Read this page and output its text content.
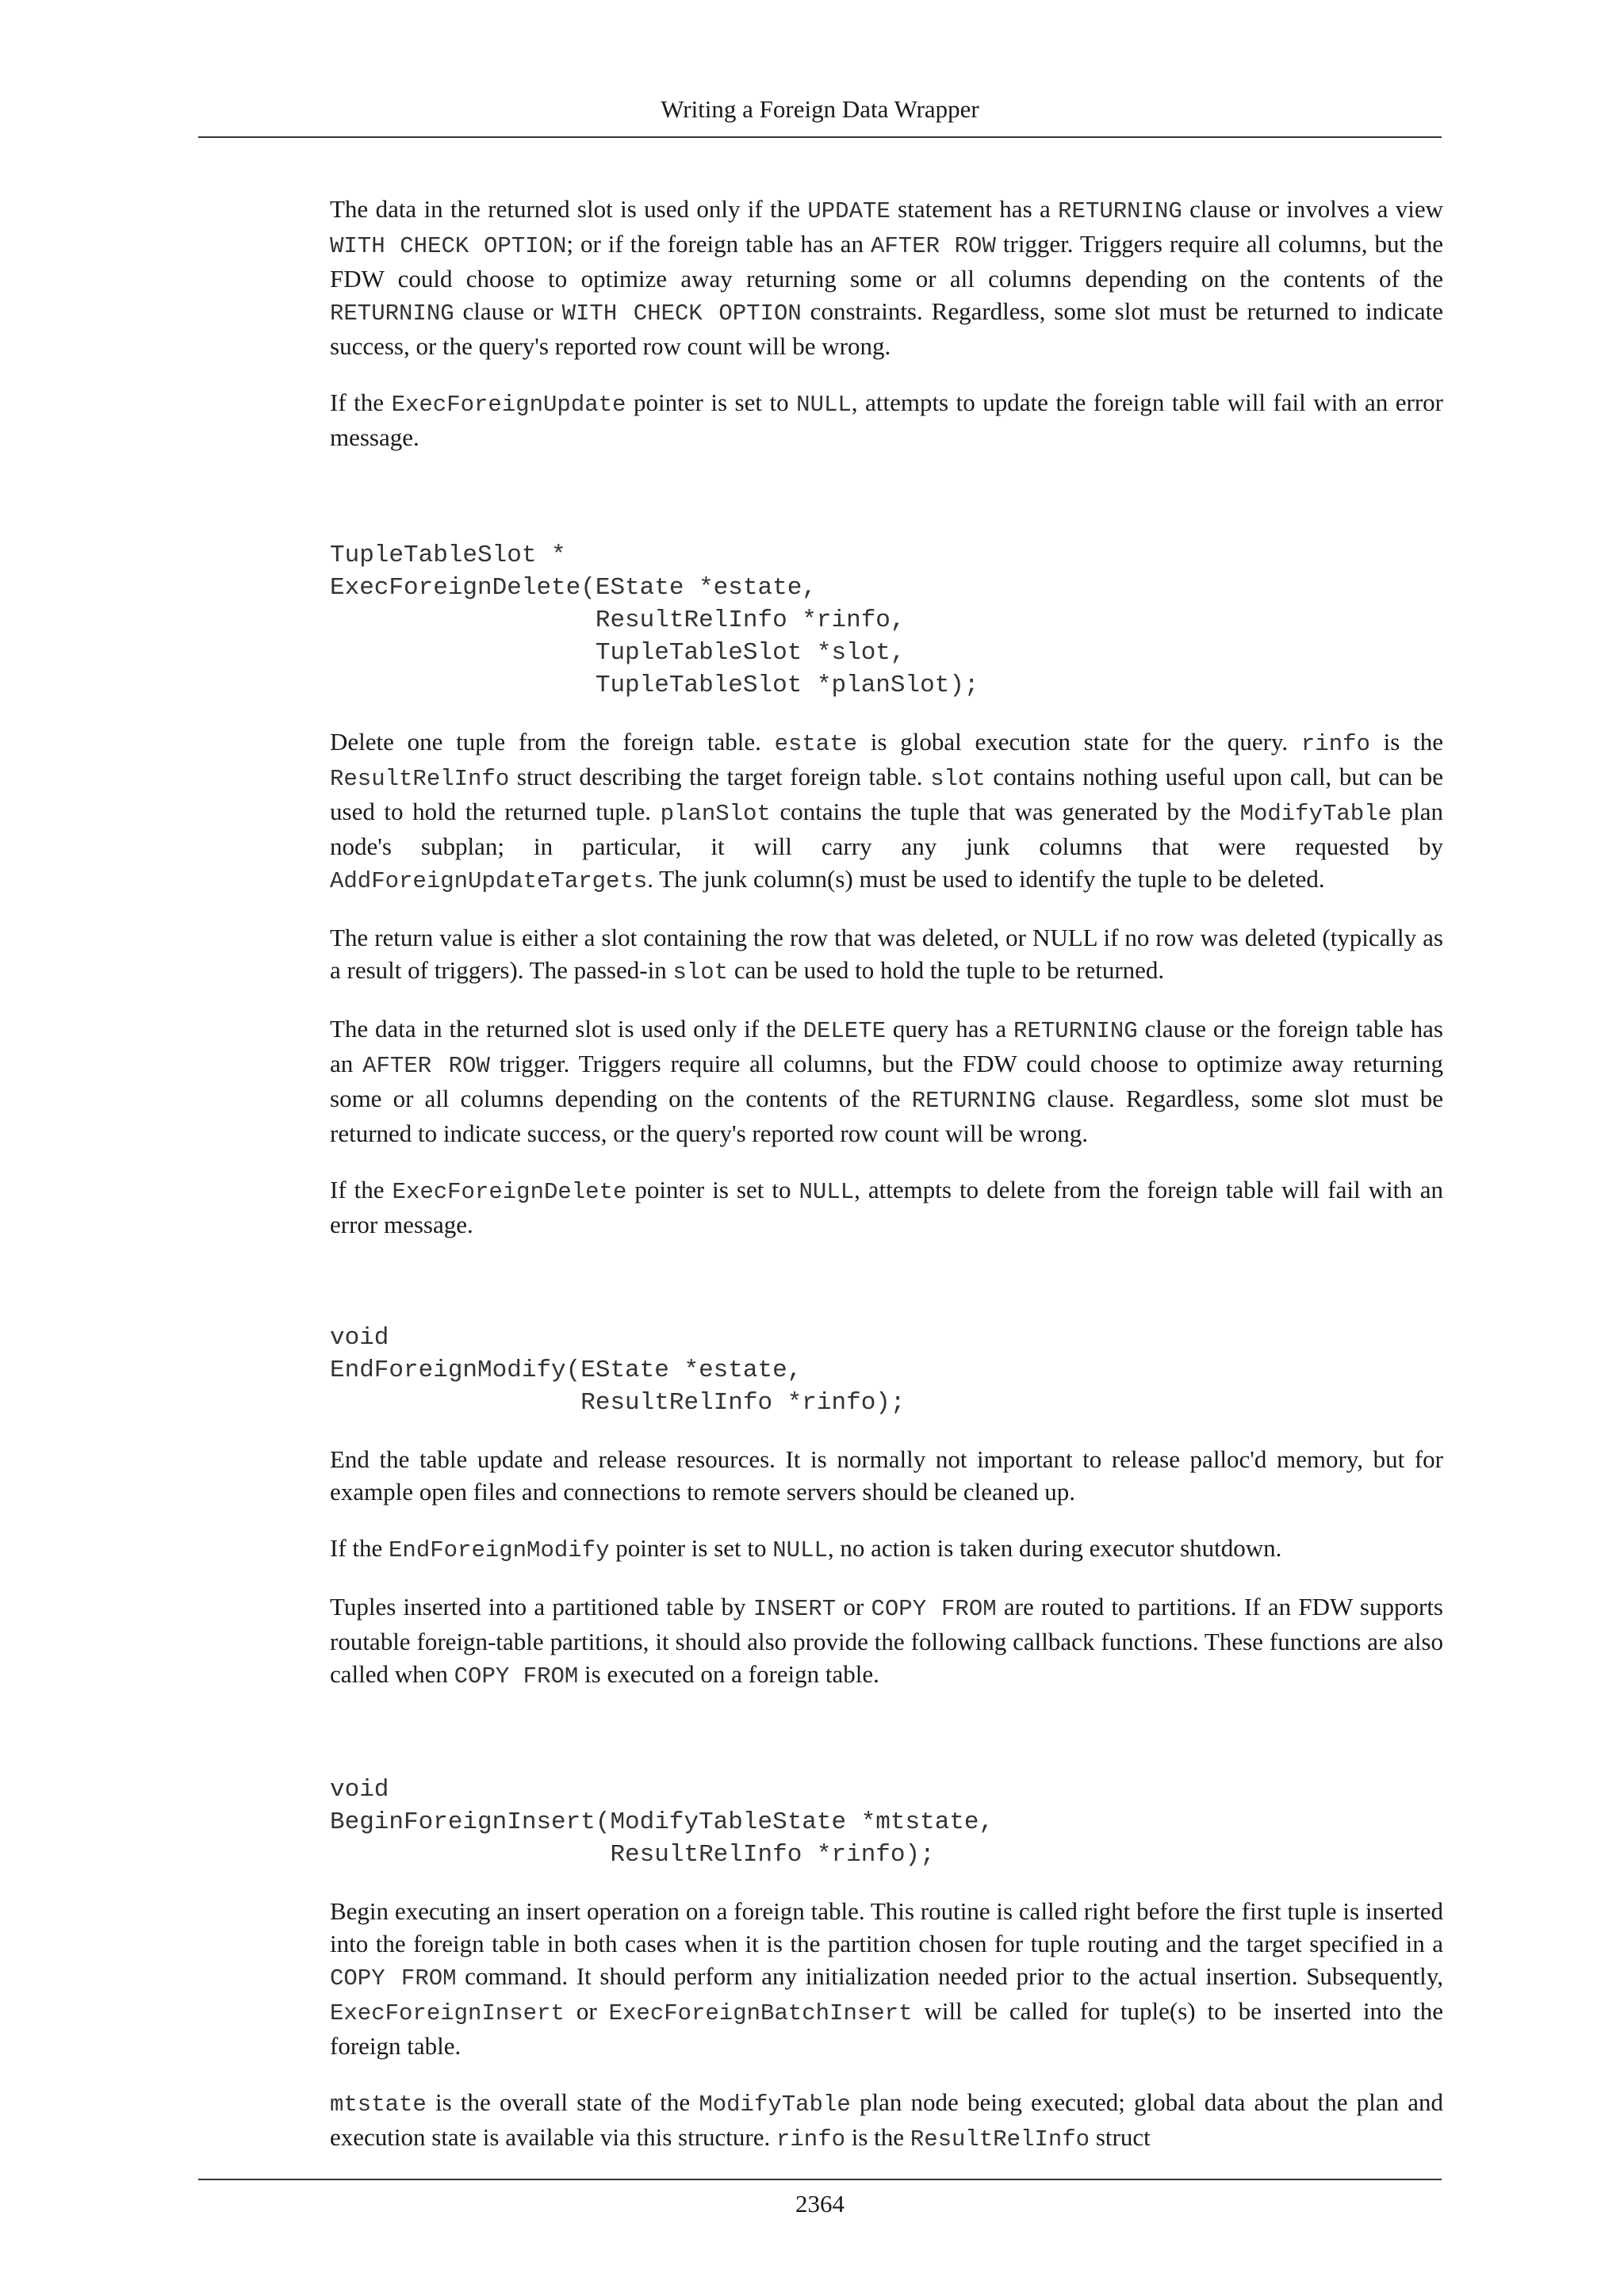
Writing a Foreign Data Wrapper

The data in the returned slot is used only if the UPDATE statement has a RETURNING clause or involves a view WITH CHECK OPTION; or if the foreign table has an AFTER ROW trigger. Triggers require all columns, but the FDW could choose to optimize away returning some or all columns depending on the contents of the RETURNING clause or WITH CHECK OPTION constraints. Regardless, some slot must be returned to indicate success, or the query's reported row count will be wrong.

If the ExecForeignUpdate pointer is set to NULL, attempts to update the foreign table will fail with an error message.

TupleTableSlot *
ExecForeignDelete(EState *estate,
ResultRelInfo *rinfo,
TupleTableSlot *slot,
TupleTableSlot *planSlot);

Delete one tuple from the foreign table. estate is global execution state for the query. rinfo is the ResultRelInfo struct describing the target foreign table. slot contains nothing useful upon call, but can be used to hold the returned tuple. planSlot contains the tuple that was generated by the ModifyTable plan node's subplan; in particular, it will carry any junk columns that were requested by AddForeignUpdateTargets. The junk column(s) must be used to identify the tuple to be deleted.

The return value is either a slot containing the row that was deleted, or NULL if no row was deleted (typically as a result of triggers). The passed-in slot can be used to hold the tuple to be returned.

The data in the returned slot is used only if the DELETE query has a RETURNING clause or the foreign table has an AFTER ROW trigger. Triggers require all columns, but the FDW could choose to optimize away returning some or all columns depending on the contents of the RETURNING clause. Regardless, some slot must be returned to indicate success, or the query's reported row count will be wrong.

If the ExecForeignDelete pointer is set to NULL, attempts to delete from the foreign table will fail with an error message.

void
EndForeignModify(EState *estate,
ResultRelInfo *rinfo);

End the table update and release resources. It is normally not important to release palloc'd memory, but for example open files and connections to remote servers should be cleaned up.

If the EndForeignModify pointer is set to NULL, no action is taken during executor shutdown.

Tuples inserted into a partitioned table by INSERT or COPY FROM are routed to partitions. If an FDW supports routable foreign-table partitions, it should also provide the following callback functions. These functions are also called when COPY FROM is executed on a foreign table.

void
BeginForeignInsert(ModifyTableState *mtstate,
ResultRelInfo *rinfo);

Begin executing an insert operation on a foreign table. This routine is called right before the first tuple is inserted into the foreign table in both cases when it is the partition chosen for tuple routing and the target specified in a COPY FROM command. It should perform any initialization needed prior to the actual insertion. Subsequently, ExecForeignInsert or ExecForeignBatchInsert will be called for tuple(s) to be inserted into the foreign table.

mtstate is the overall state of the ModifyTable plan node being executed; global data about the plan and execution state is available via this structure. rinfo is the ResultRelInfo struct

2364
